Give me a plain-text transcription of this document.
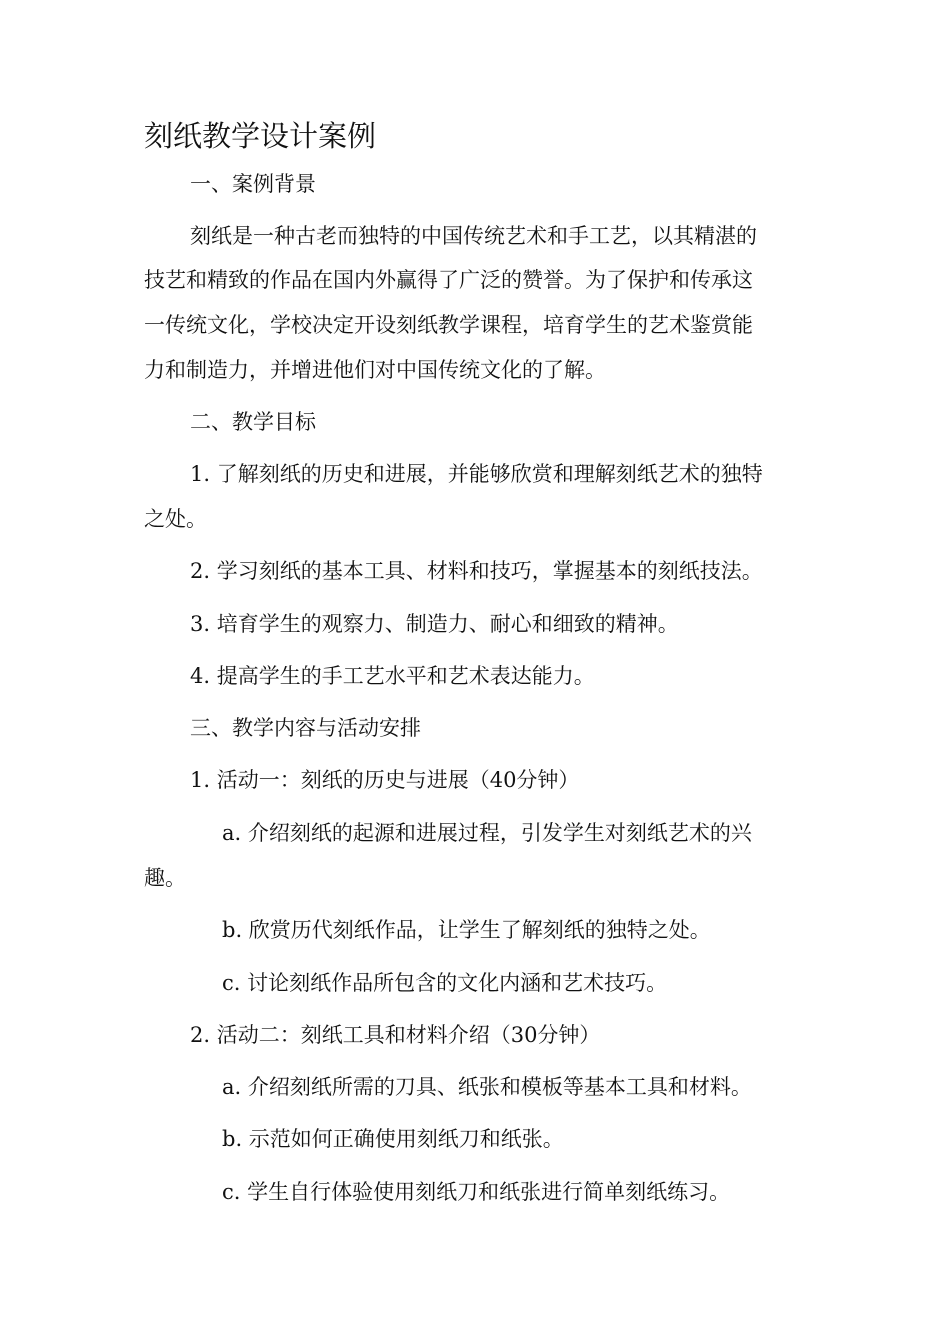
刻纸教学设计案例

一、案例背景

刻纸是一种古老而独特的中国传统艺术和手工艺，以其精湛的

技艺和精致的作品在国内外赢得了广泛的赞誉。为了保护和传承这

一传统文化，学校决定开设刻纸教学课程，培育学生的艺术鉴赏能

力和制造力，并增进他们对中国传统文化的了解。

二、教学目标

1. 了解刻纸的历史和进展，并能够欣赏和理解刻纸艺术的独特

之处。

2. 学习刻纸的基本工具、材料和技巧，掌握基本的刻纸技法。

3. 培育学生的观察力、制造力、耐心和细致的精神。

4. 提高学生的手工艺水平和艺术表达能力。

三、教学内容与活动安排

1. 活动一：刻纸的历史与进展（40分钟）

a. 介绍刻纸的起源和进展过程，引发学生对刻纸艺术的兴

趣。

b. 欣赏历代刻纸作品，让学生了解刻纸的独特之处。

c. 讨论刻纸作品所包含的文化内涵和艺术技巧。

2. 活动二：刻纸工具和材料介绍（30分钟）

a. 介绍刻纸所需的刀具、纸张和模板等基本工具和材料。

b. 示范如何正确使用刻纸刀和纸张。

c. 学生自行体验使用刻纸刀和纸张进行简单刻纸练习。
